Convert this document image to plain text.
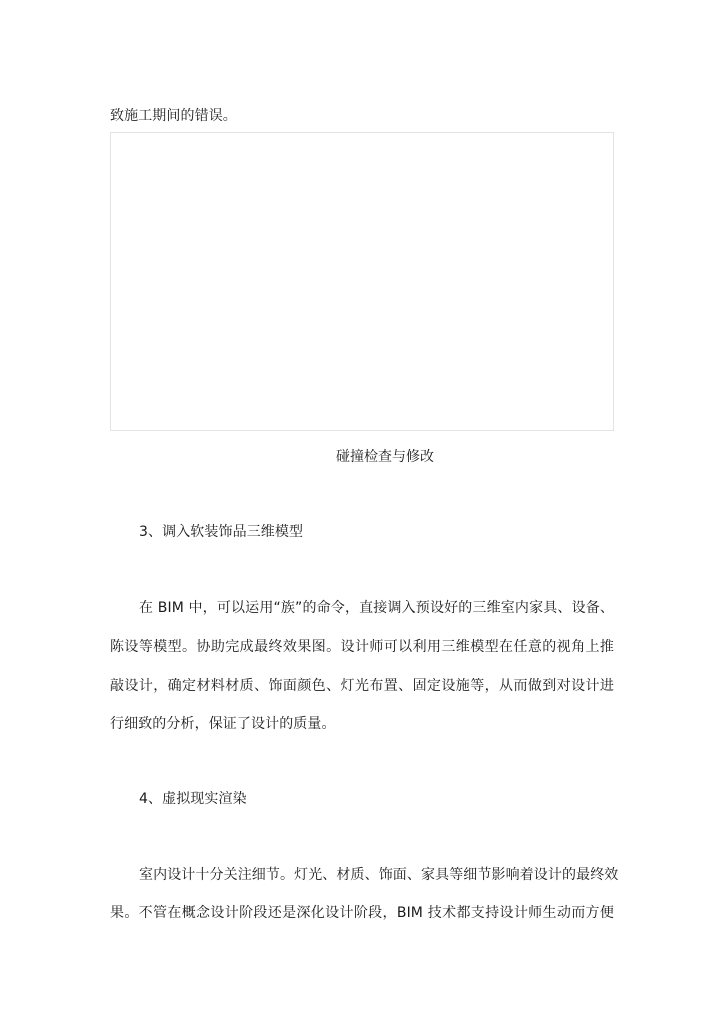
致施工期间的错误。
碰撞检查与修改
3、调入软装饰品三维模型
在 BIM 中，可以运用“族”的命令，直接调入预设好的三维室内家具、设备、
陈设等模型。协助完成最终效果图。设计师可以利用三维模型在任意的视角上推
敲设计，确定材料材质、饰面颜色、灯光布置、固定设施等，从而做到对设计进
行细致的分析，保证了设计的质量。
4、虚拟现实渲染
室内设计十分关注细节。灯光、材质、饰面、家具等细节影响着设计的最终效
果。不管在概念设计阶段还是深化设计阶段，BIM 技术都支持设计师生动而方便
